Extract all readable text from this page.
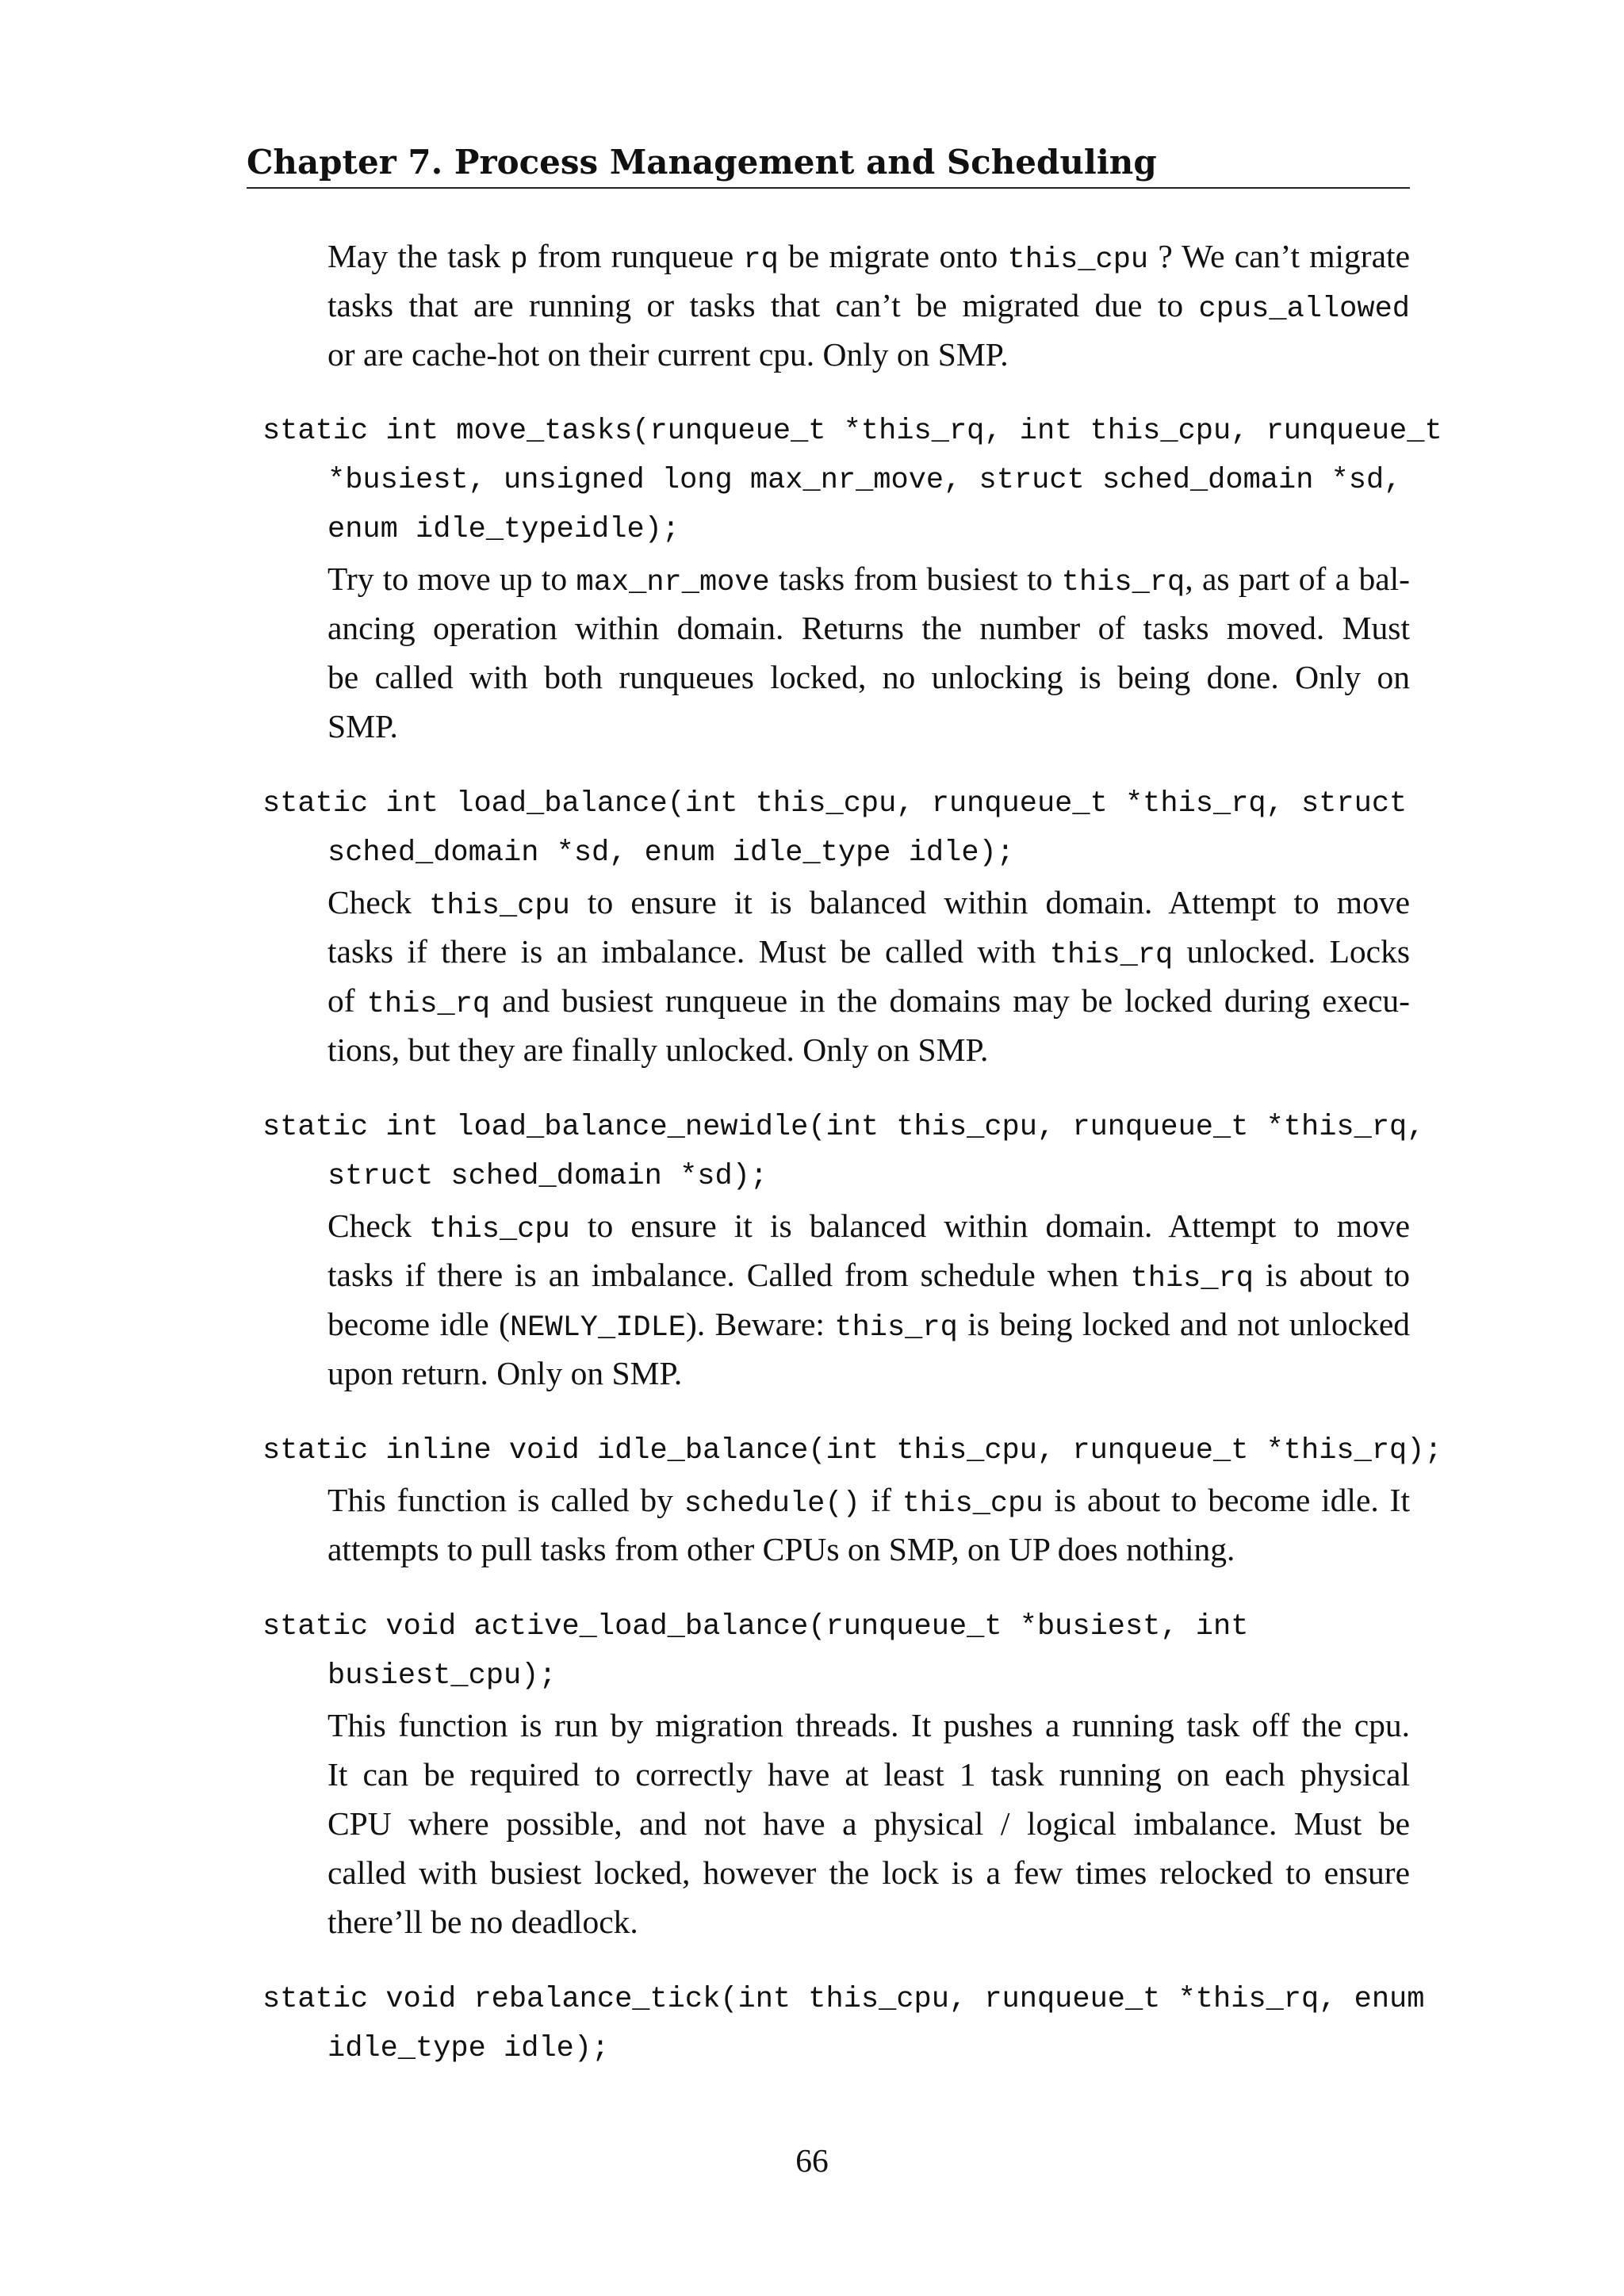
Chapter 7. Process Management and Scheduling
May the task p from runqueue rq be migrate onto this_cpu ? We can’t migrate
tasks that are running or tasks that can’t be migrated due to cpus_allowed
or are cache-hot on their current cpu. Only on SMP.
static int move_tasks(runqueue_t *this_rq, int this_cpu, runqueue_t
*busiest, unsigned long max_nr_move, struct sched_domain *sd,
enum idle_typeidle);
Try to move up to max_nr_move tasks from busiest to this_rq, as part of a bal-
ancing operation within domain. Returns the number of tasks moved. Must
be called with both runqueues locked, no unlocking is being done. Only on
SMP.
static int load_balance(int this_cpu, runqueue_t *this_rq, struct
sched_domain *sd, enum idle_type idle);
Check this_cpu to ensure it is balanced within domain. Attempt to move
tasks if there is an imbalance. Must be called with this_rq unlocked. Locks
of this_rq and busiest runqueue in the domains may be locked during execu-
tions, but they are finally unlocked. Only on SMP.
static int load_balance_newidle(int this_cpu, runqueue_t *this_rq,
struct sched_domain *sd);
Check this_cpu to ensure it is balanced within domain. Attempt to move
tasks if there is an imbalance. Called from schedule when this_rq is about to
become idle (NEWLY_IDLE). Beware: this_rq is being locked and not unlocked
upon return. Only on SMP.
static inline void idle_balance(int this_cpu, runqueue_t *this_rq);
This function is called by schedule() if this_cpu is about to become idle. It
attempts to pull tasks from other CPUs on SMP, on UP does nothing.
static void active_load_balance(runqueue_t *busiest, int
busiest_cpu);
This function is run by migration threads. It pushes a running task off the cpu.
It can be required to correctly have at least 1 task running on each physical
CPU where possible, and not have a physical / logical imbalance. Must be
called with busiest locked, however the lock is a few times relocked to ensure
there’ll be no deadlock.
static void rebalance_tick(int this_cpu, runqueue_t *this_rq, enum
idle_type idle);
66
